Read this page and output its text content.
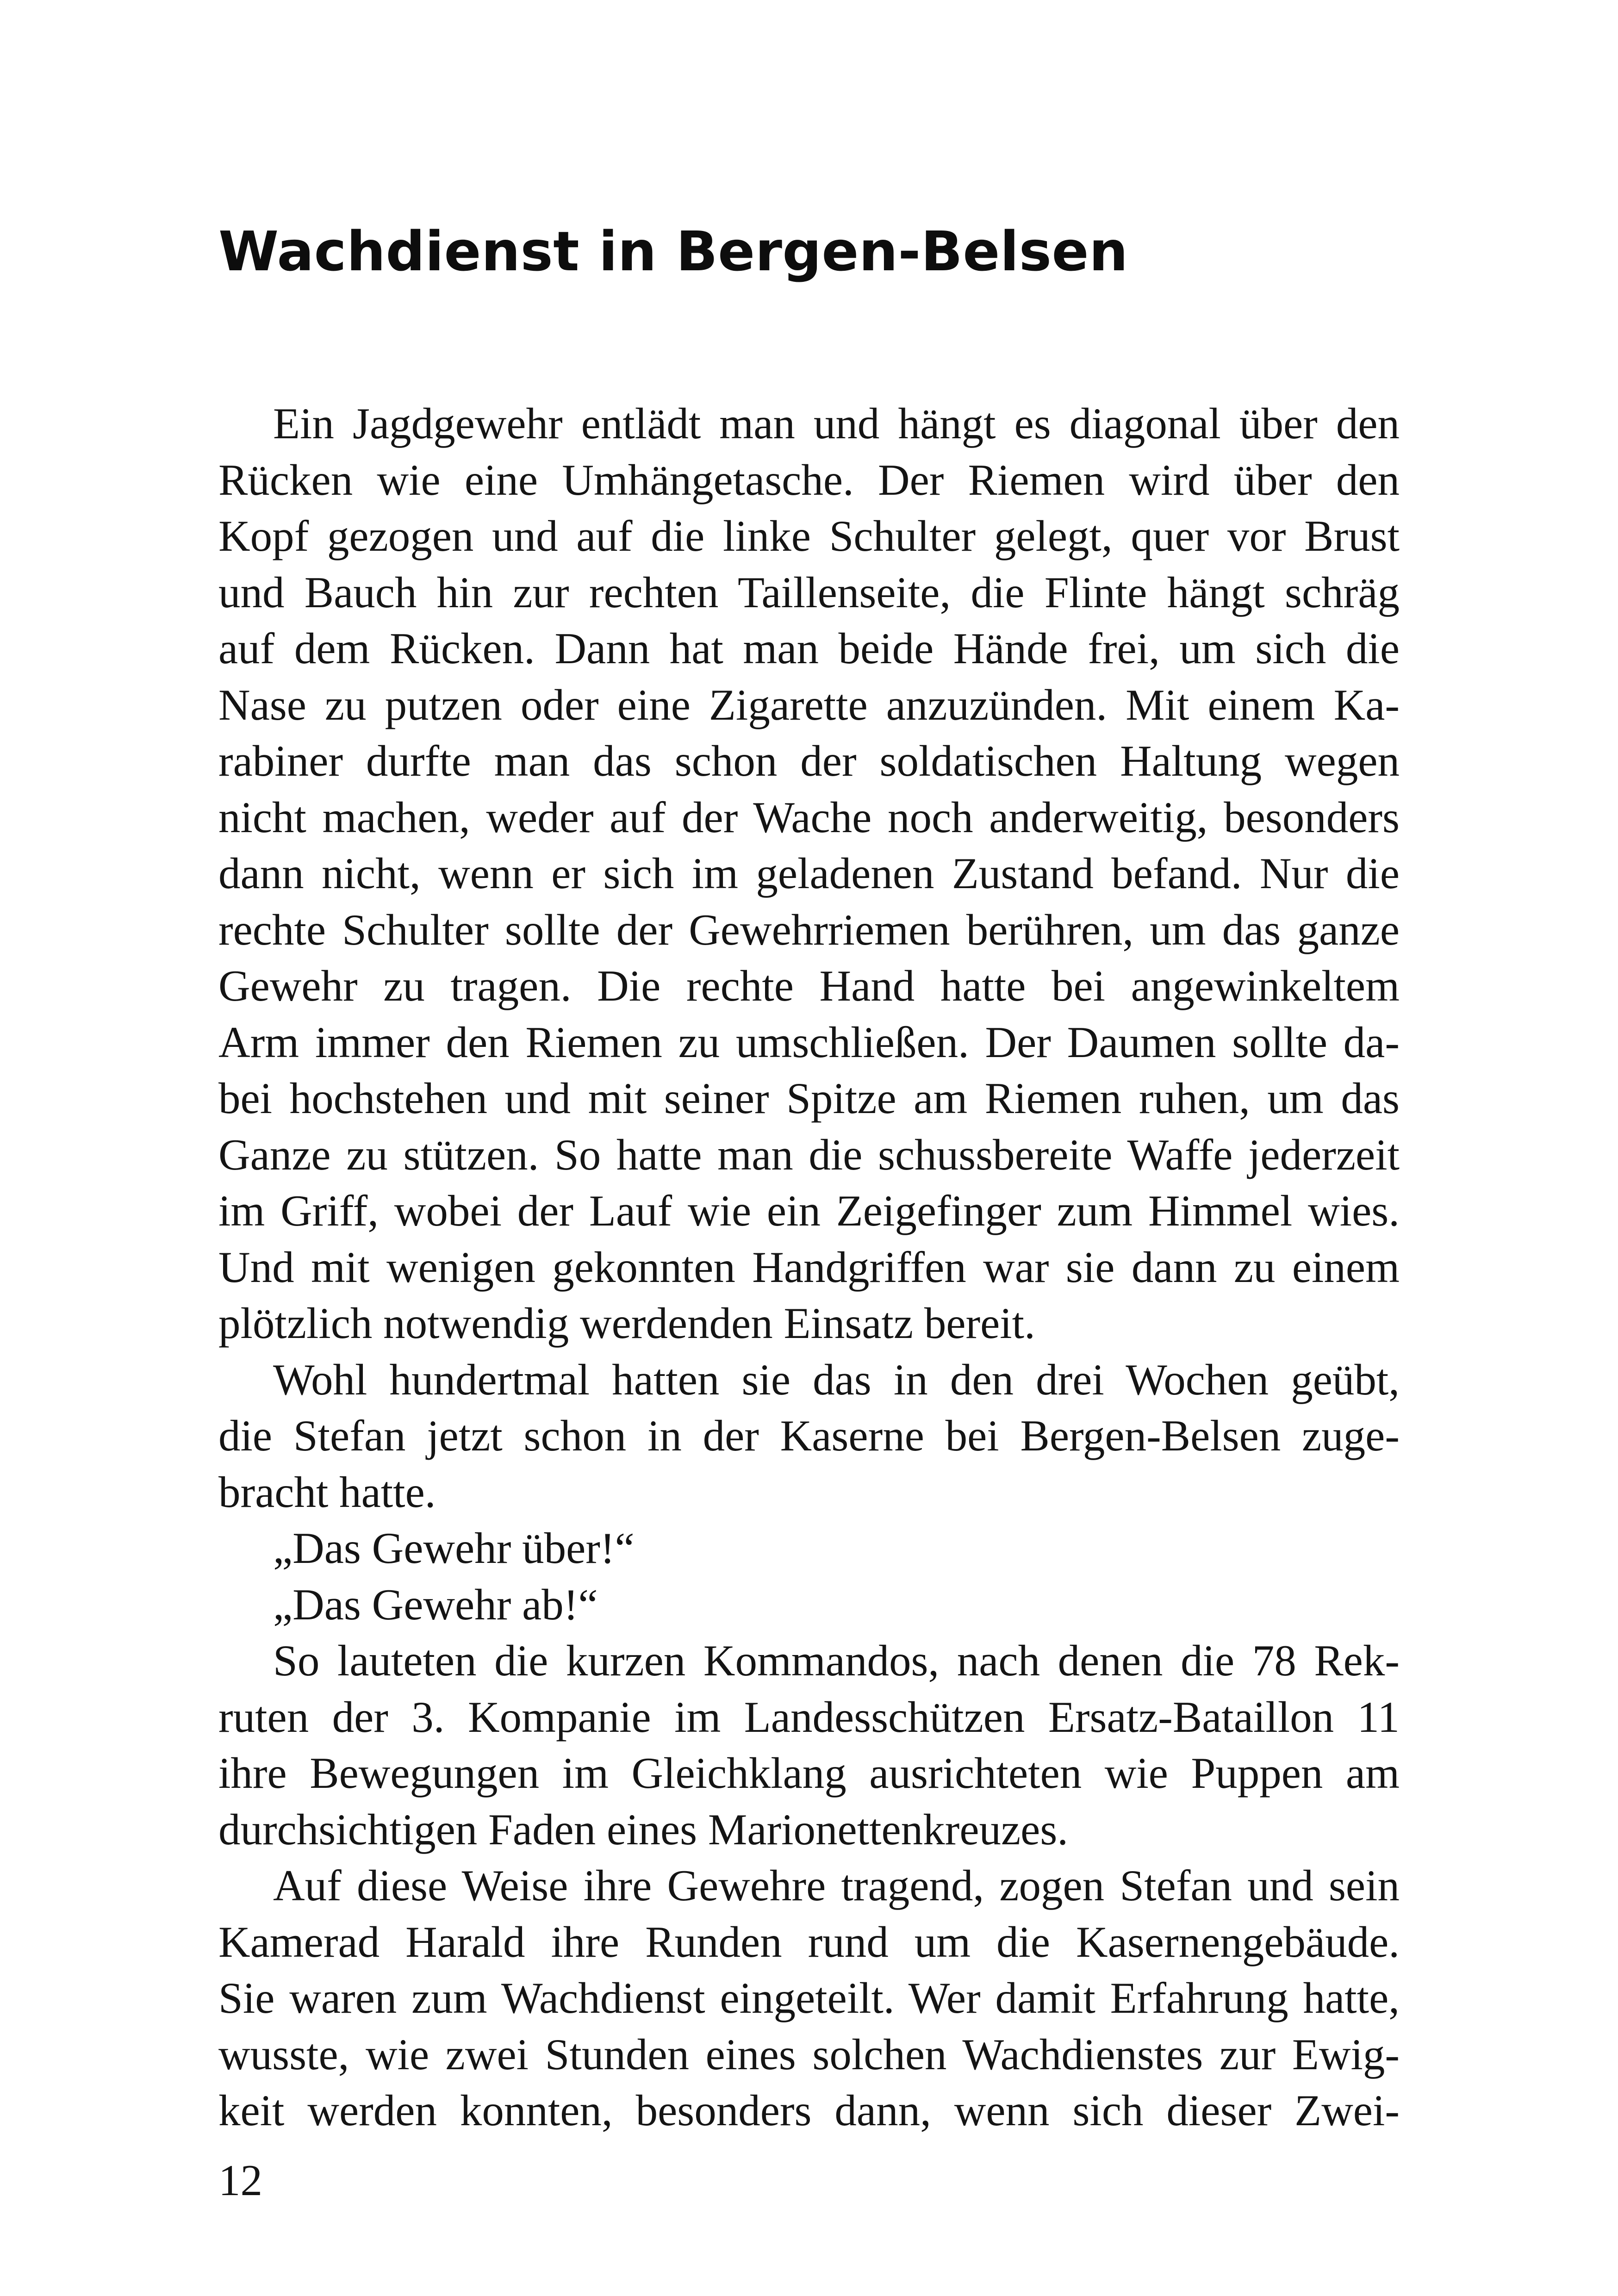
Wachdienst in Bergen-Belsen
Ein Jagdgewehr entlädt man und hängt es diagonal über den
Rücken wie eine Umhängetasche. Der Riemen wird über den
Kopf gezogen und auf die linke Schulter gelegt, quer vor Brust
und Bauch hin zur rechten Taillenseite, die Flinte hängt schräg
auf dem Rücken. Dann hat man beide Hände frei, um sich die
Nase zu putzen oder eine Zigarette anzuzünden. Mit einem Ka-
rabiner durfte man das schon der soldatischen Haltung wegen
nicht machen, weder auf der Wache noch anderweitig, besonders
dann nicht, wenn er sich im geladenen Zustand befand. Nur die
rechte Schulter sollte der Gewehrriemen berühren, um das ganze
Gewehr zu tragen. Die rechte Hand hatte bei angewinkeltem
Arm immer den Riemen zu umschließen. Der Daumen sollte da-
bei hochstehen und mit seiner Spitze am Riemen ruhen, um das
Ganze zu stützen. So hatte man die schussbereite Waffe jederzeit
im Griff, wobei der Lauf wie ein Zeigefinger zum Himmel wies.
Und mit wenigen gekonnten Handgriffen war sie dann zu einem
plötzlich notwendig werdenden Einsatz bereit.
Wohl hundertmal hatten sie das in den drei Wochen geübt,
die Stefan jetzt schon in der Kaserne bei Bergen-Belsen zuge-
bracht hatte.
„Das Gewehr über!“
„Das Gewehr ab!“
So lauteten die kurzen Kommandos, nach denen die 78 Rek-
ruten der 3. Kompanie im Landesschützen Ersatz-Bataillon 11
ihre Bewegungen im Gleichklang ausrichteten wie Puppen am
durchsichtigen Faden eines Marionettenkreuzes.
Auf diese Weise ihre Gewehre tragend, zogen Stefan und sein
Kamerad Harald ihre Runden rund um die Kasernengebäude.
Sie waren zum Wachdienst eingeteilt. Wer damit Erfahrung hatte,
wusste, wie zwei Stunden eines solchen Wachdienstes zur Ewig-
keit werden konnten, besonders dann, wenn sich dieser Zwei-
12
